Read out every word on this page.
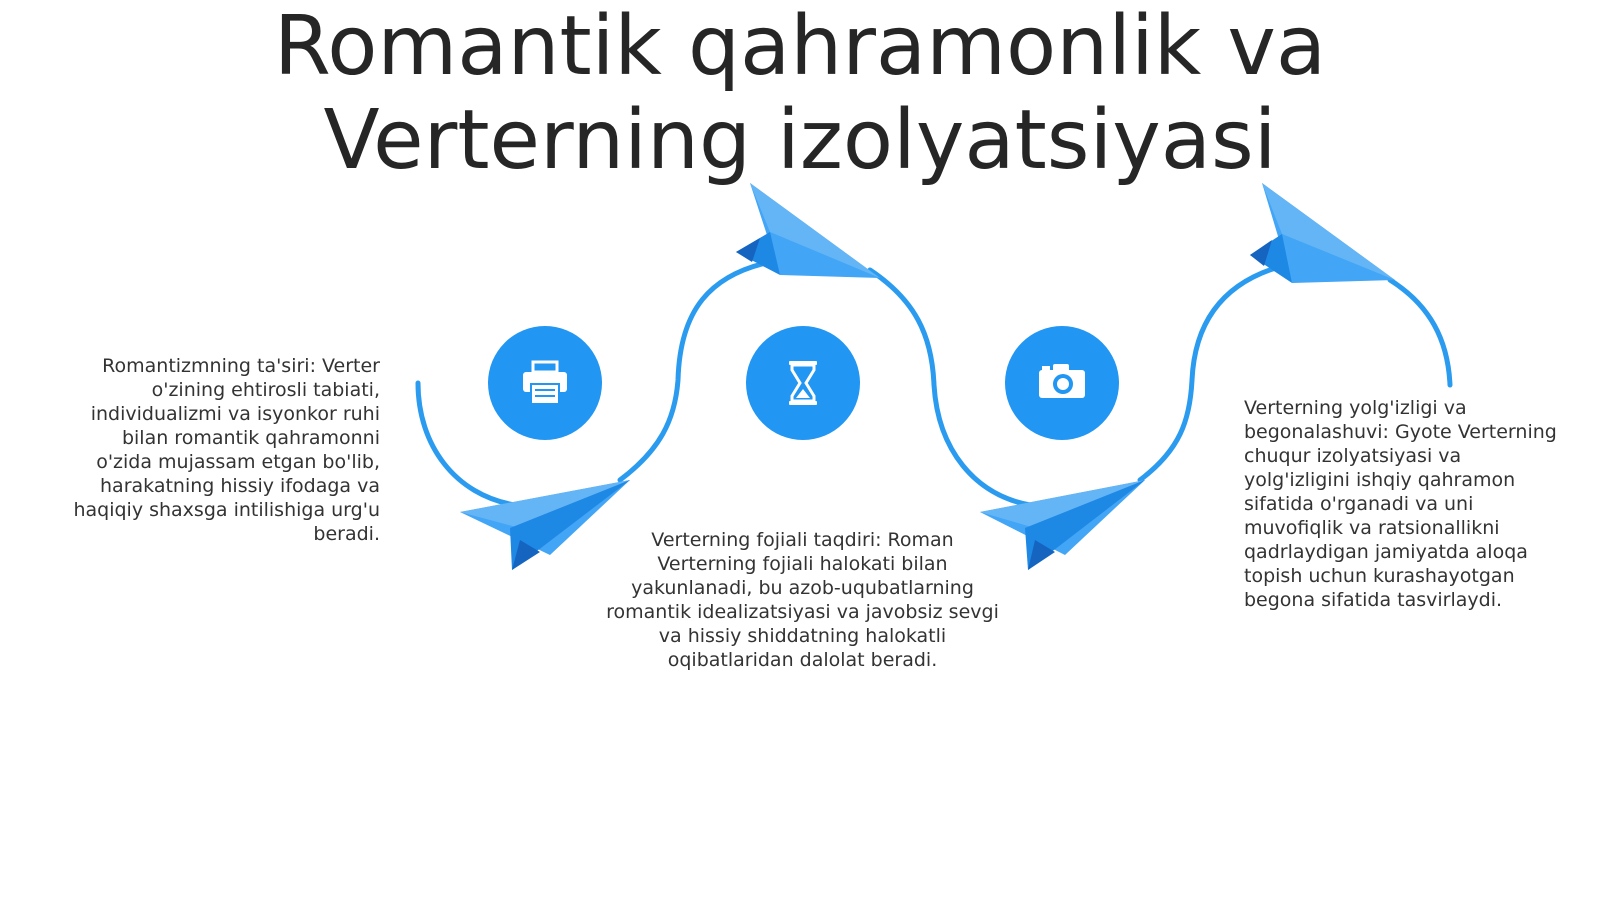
Romantik qahramonlik va
Verterning izolyatsiyasi
Romantizmning ta'siri: Verter o'zining ehtirosli tabiati, individualizmi va isyonkor ruhi bilan romantik qahramonni o'zida mujassam etgan bo'lib, harakatning hissiy ifodaga va haqiqiy shaxsga intilishiga urg'u beradi.	Verterning fojiali taqdiri: Roman Verterning fojiali halokati bilan yakunlanadi, bu azob-uqubatlarning romantik idealizatsiyasi va javobsiz sevgi va hissiy shiddatning halokatli oqibatlaridan dalolat beradi.
Verterning yolg'izligi va begonalashuvi: Gyote Verterning chuqur izolyatsiyasi va yolg'izligini ishqiy qahramon sifatida o'rganadi va uni muvofiqlik va ratsionallikni qadrlaydigan jamiyatda aloqa topish uchun kurashayotgan begona sifatida tasvirlaydi.
